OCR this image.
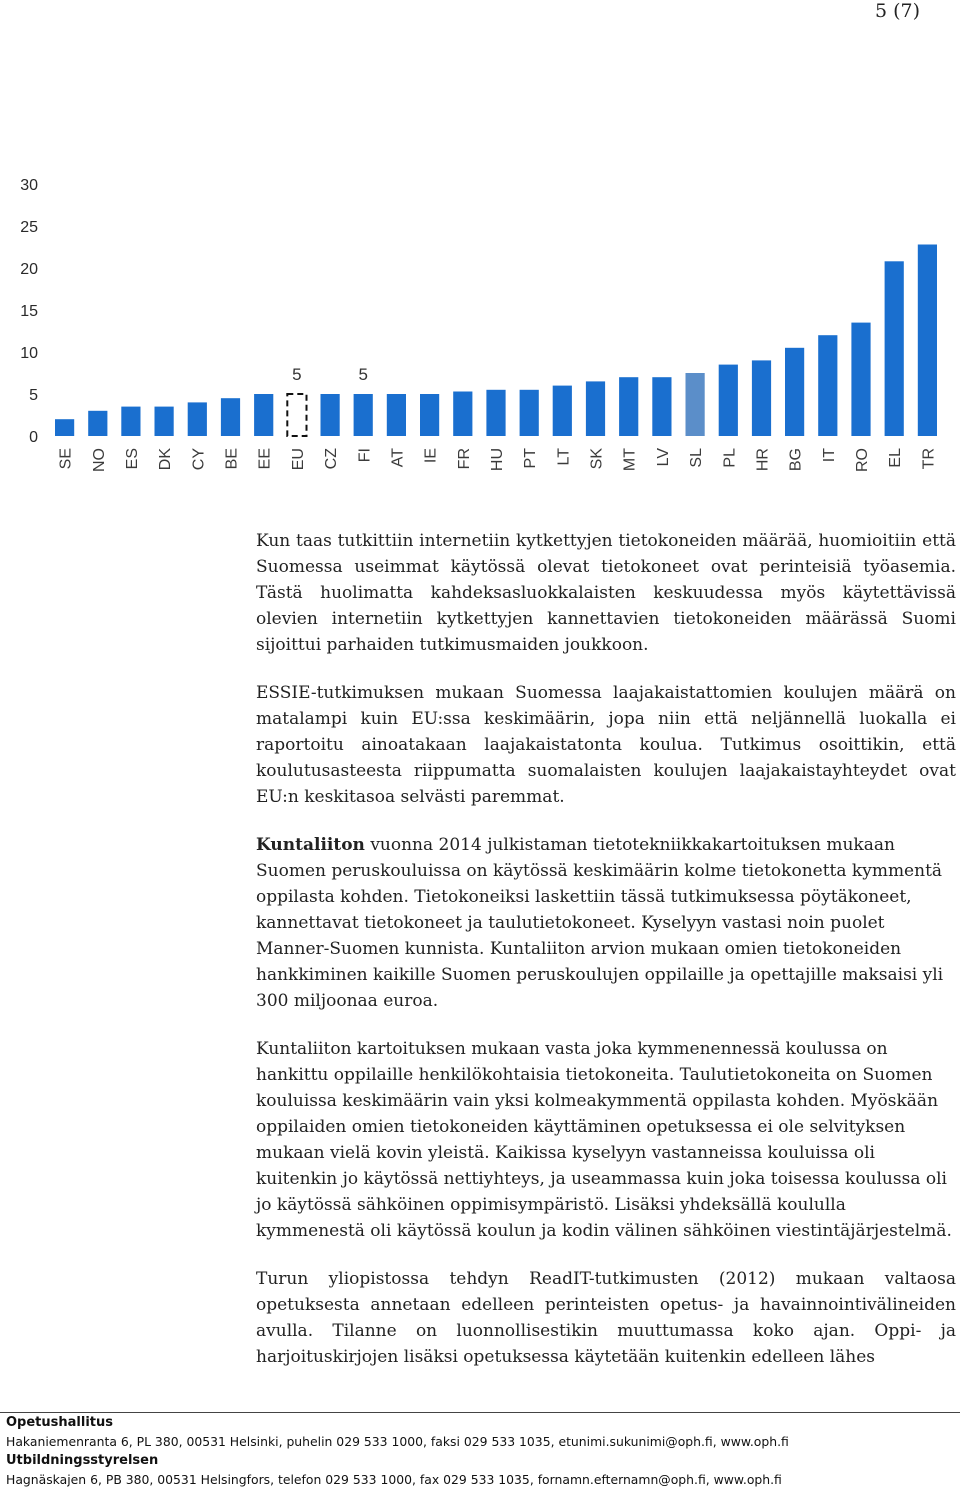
5 (7)
0
5
10
15
20
25
30
SE NO ES DK CY BE EE EU CZ FI AT IE FR HU PT LT SK MT LV SL PL HR BG IT RO EL TR
5	5

Kun taas tutkittiin internetiin kytkettyjen tietokoneiden määrää, huomioitiin että Suomessa useimmat käytössä olevat tietokoneet ovat perinteisiä työasemia. Tästä huolimatta kahdeksasluokkalaisten keskuudessa myös käytettävissä olevien internetiin kytkettyjen kannettavien tietokoneiden määrässä Suomi sijoittui parhaiden tutkimusmaiden joukkoon.

ESSIE-tutkimuksen mukaan Suomessa laajakaistattomien koulujen määrä on matalampi kuin EU:ssa keskimäärin, jopa niin että neljännellä luokalla ei raportoitu ainoatakaan laajakaistatonta koulua. Tutkimus osoittikin, että koulutusasteesta riippumatta suomalaisten koulujen laajakaistayhteydet ovat EU:n keskitasoa selvästi paremmat.

Kuntaliiton vuonna 2014 julkistaman tietotekniikkakartoituksen mukaan Suomen peruskouluissa on käytössä keskimäärin kolme tietokonetta kymmentä oppilasta kohden. Tietokoneiksi laskettiin tässä tutkimuksessa pöytäkoneet, kannettavat tietokoneet ja taulutietokoneet. Kyselyyn vastasi noin puolet Manner-Suomen kunnista. Kuntaliiton arvion mukaan omien tietokoneiden hankkiminen kaikille Suomen peruskoulujen oppilaille ja opettajille maksaisi yli 300 miljoonaa euroa.

Kuntaliiton kartoituksen mukaan vasta joka kymmenennessä koulussa on hankittu oppilaille henkilökohtaisia tietokoneita. Taulutietokoneita on Suomen kouluissa keskimäärin vain yksi kolmeakymmentä oppilasta kohden. Myöskään oppilaiden omien tietokoneiden käyttäminen opetuksessa ei ole selvityksen mukaan vielä kovin yleistä. Kaikissa kyselyyn vastanneissa kouluissa oli kuitenkin jo käytössä nettiyhteys, ja useammassa kuin joka toisessa koulussa oli jo käytössä sähköinen oppimisympäristö. Lisäksi yhdeksällä koululla kymmenestä oli käytössä koulun ja kodin välinen sähköinen viestintäjärjestelmä.

Turun yliopistossa tehdyn ReadIT-tutkimusten (2012) mukaan valtaosa opetuksesta annetaan edelleen perinteisten opetus- ja havainnointivälineiden avulla. Tilanne on luonnollisestikin muuttumassa koko ajan. Oppi- ja harjoituskirjojen lisäksi opetuksessa käytetään kuitenkin edelleen lähes

Opetushallitus
Hakaniemenranta 6, PL 380, 00531 Helsinki, puhelin 029 533 1000, faksi 029 533 1035, etunimi.sukunimi@oph.fi, www.oph.fi
Utbildningsstyrelsen
Hagnäskajen 6, PB 380, 00531 Helsingfors, telefon 029 533 1000, fax 029 533 1035, fornamn.efternamn@oph.fi, www.oph.fi
